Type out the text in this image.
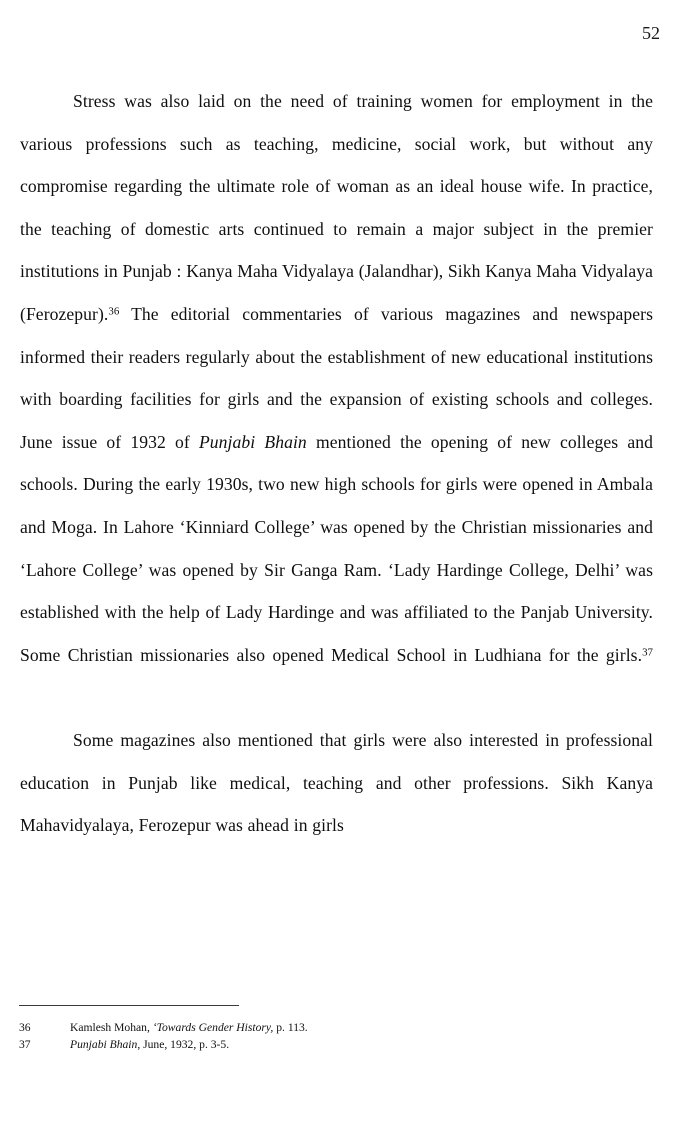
52

Stress was also laid on the need of training women for employment in the various professions such as teaching, medicine, social work, but without any compromise regarding the ultimate role of woman as an ideal house wife. In practice, the teaching of domestic arts continued to remain a major subject in the premier institutions in Punjab : Kanya Maha Vidyalaya (Jalandhar), Sikh Kanya Maha Vidyalaya (Ferozepur).$^{36}$ The editorial commentaries of various magazines and newspapers informed their readers regularly about the establishment of new educational institutions with boarding facilities for girls and the expansion of existing schools and colleges. June issue of 1932 of Punjabi Bhain mentioned the opening of new colleges and schools. During the early 1930s, two new high schools for girls were opened in Ambala and Moga. In Lahore ‘Kinniard College’ was opened by the Christian missionaries and ‘Lahore College’ was opened by Sir Ganga Ram. ‘Lady Hardinge College, Delhi’ was established with the help of Lady Hardinge and was affiliated to the Panjab University. Some Christian missionaries also opened Medical School in Ludhiana for the girls.$^{37}$

Some magazines also mentioned that girls were also interested in professional education in Punjab like medical, teaching and other professions. Sikh Kanya Mahavidyalaya, Ferozepur was ahead in girls

36	Kamlesh Mohan, ‘Towards Gender History, p. 113.
37	Punjabi Bhain, June, 1932, p. 3-5.
